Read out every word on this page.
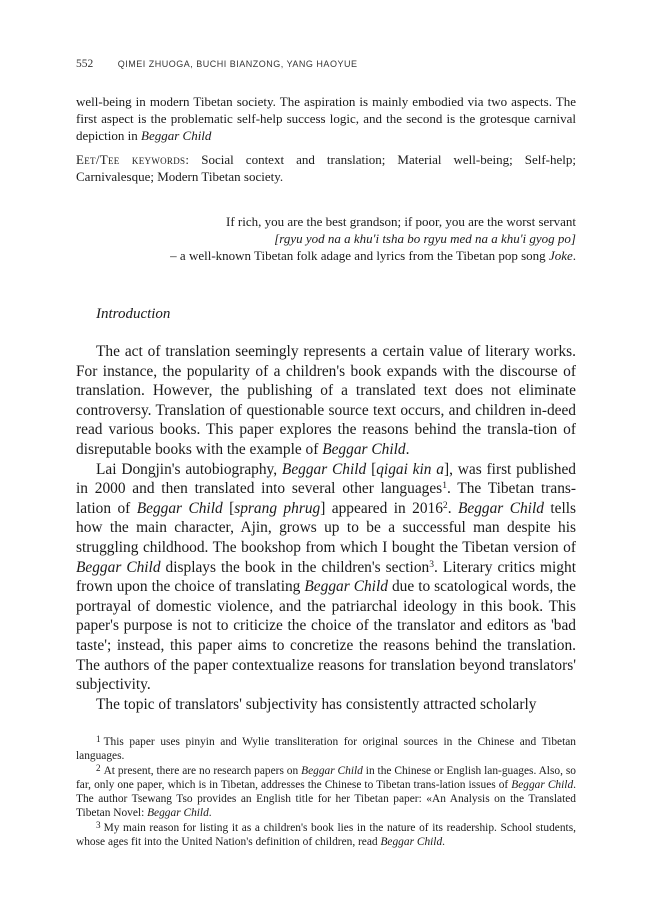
552	QIMEI ZHUOGA, BUCHI BIANZONG, YANG HAOYUE

well-being in modern Tibetan society. The aspiration is mainly embodied via two aspects. The first aspect is the problematic self-help success logic, and the second is the grotesque carnival depiction in Beggar Child

Eet/Tee keywords: Social context and translation; Material well-being; Self-help; Carnivalesque; Modern Tibetan society.

If rich, you are the best grandson; if poor, you are the worst servant
[rgyu yod na a khu'i tsha bo rgyu med na a khu'i gyog po]
– a well-known Tibetan folk adage and lyrics from the Tibetan pop song Joke.
Introduction

The act of translation seemingly represents a certain value of literary works. For instance, the popularity of a children's book expands with the discourse of translation. However, the publishing of a translated text does not eliminate controversy. Translation of questionable source text occurs, and children in-deed read various books. This paper explores the reasons behind the transla-tion of disreputable books with the example of Beggar Child.

Lai Dongjin's autobiography, Beggar Child [qigai kin a], was first published in 2000 and then translated into several other languages$^1$. The Tibetan trans-lation of Beggar Child [sprang phrug] appeared in 2016$^2$. Beggar Child tells how the main character, Ajin, grows up to be a successful man despite his struggling childhood. The bookshop from which I bought the Tibetan version of Beggar Child displays the book in the children's section$^3$. Literary critics might frown upon the choice of translating Beggar Child due to scatological words, the portrayal of domestic violence, and the patriarchal ideology in this book. This paper's purpose is not to criticize the choice of the translator and editors as 'bad taste'; instead, this paper aims to concretize the reasons behind the translation. The authors of the paper contextualize reasons for translation beyond translators' subjectivity.

The topic of translators' subjectivity has consistently attracted scholarly

$^1$ This paper uses pinyin and Wylie transliteration for original sources in the Chinese and Tibetan languages.

$^2$ At present, there are no research papers on Beggar Child in the Chinese or English lan-guages. Also, so far, only one paper, which is in Tibetan, addresses the Chinese to Tibetan trans-lation issues of Beggar Child. The author Tsewang Tso provides an English title for her Tibetan paper: «An Analysis on the Translated Tibetan Novel: Beggar Child.

$^3$ My main reason for listing it as a children's book lies in the nature of its readership. School students, whose ages fit into the United Nation's definition of children, read Beggar Child.
